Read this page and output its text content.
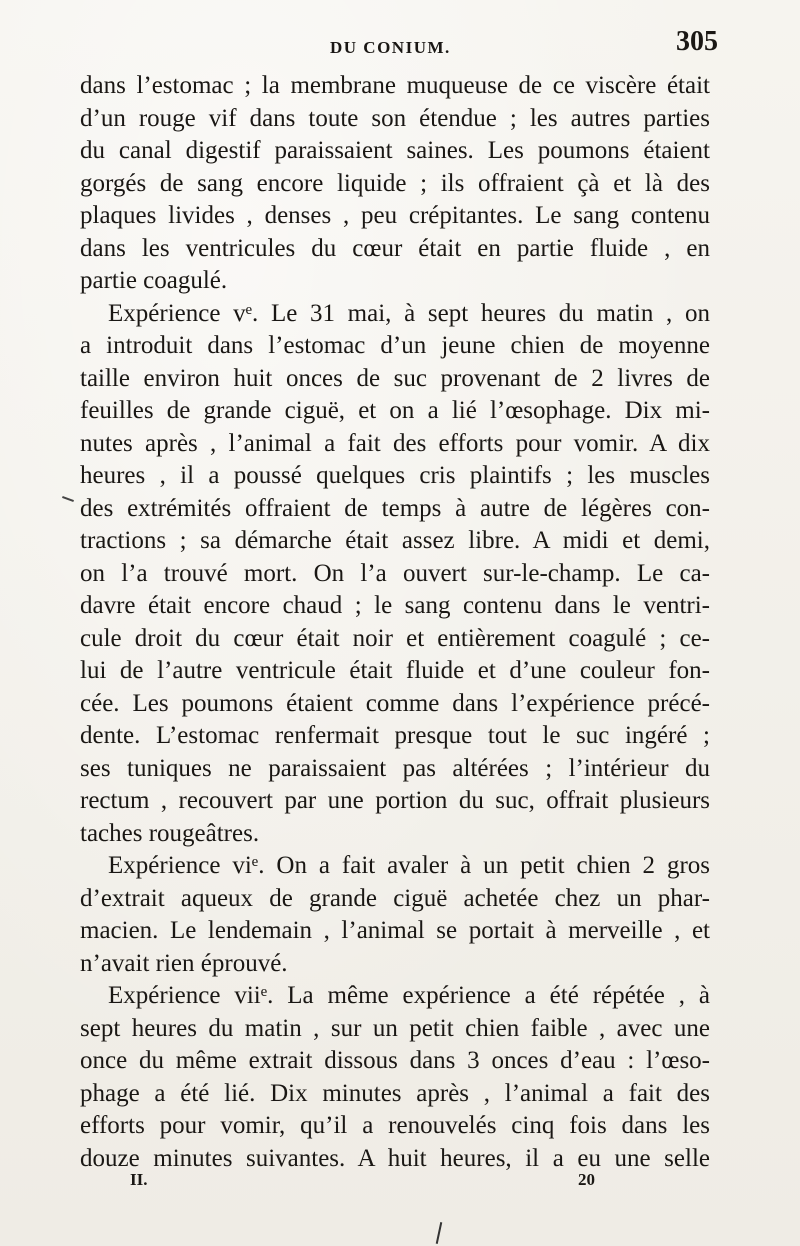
DU CONIUM.	305
dans l’estomac ; la membrane muqueuse de ce viscère était
d’un rouge vif dans toute son étendue ; les autres parties
du canal digestif paraissaient saines. Les poumons étaient
gorgés de sang encore liquide ; ils offraient çà et là des
plaques livides , denses , peu crépitantes. Le sang contenu
dans les ventricules du cœur était en partie fluide , en
partie coagulé.
Expérience vᵉ. Le 31 mai, à sept heures du matin , on
a introduit dans l’estomac d’un jeune chien de moyenne
taille environ huit onces de suc provenant de 2 livres de
feuilles de grande ciguë, et on a lié l’œsophage. Dix mi-
nutes après , l’animal a fait des efforts pour vomir. A dix
heures , il a poussé quelques cris plaintifs ; les muscles
des extrémités offraient de temps à autre de légères con-
tractions ; sa démarche était assez libre. A midi et demi,
on l’a trouvé mort. On l’a ouvert sur-le-champ. Le ca-
davre était encore chaud ; le sang contenu dans le ventri-
cule droit du cœur était noir et entièrement coagulé ; ce-
lui de l’autre ventricule était fluide et d’une couleur fon-
cée. Les poumons étaient comme dans l’expérience précé-
dente. L’estomac renfermait presque tout le suc ingéré ;
ses tuniques ne paraissaient pas altérées ; l’intérieur du
rectum , recouvert par une portion du suc, offrait plusieurs
taches rougeâtres.
Expérience viᵉ. On a fait avaler à un petit chien 2 gros
d’extrait aqueux de grande ciguë achetée chez un phar-
macien. Le lendemain , l’animal se portait à merveille , et
n’avait rien éprouvé.
Expérience viiᵉ. La même expérience a été répétée , à
sept heures du matin , sur un petit chien faible , avec une
once du même extrait dissous dans 3 onces d’eau : l’œso-
phage a été lié. Dix minutes après , l’animal a fait des
efforts pour vomir, qu’il a renouvelés cinq fois dans les
douze minutes suivantes. A huit heures, il a eu une selle
II.	20
